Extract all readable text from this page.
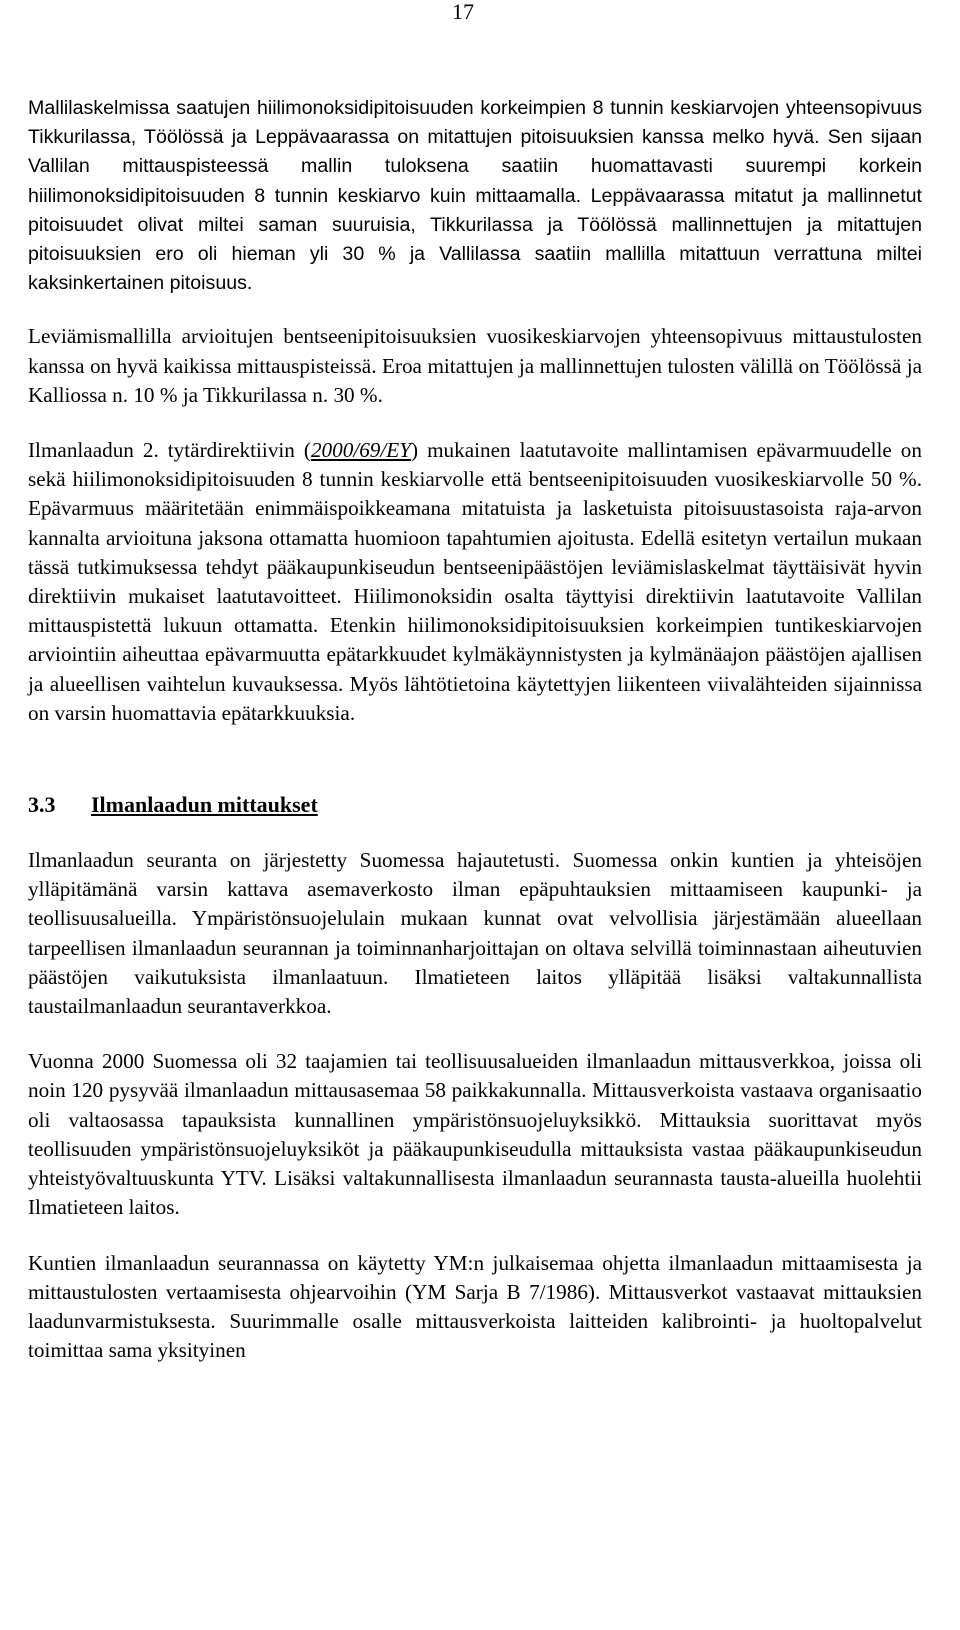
17

Mallilaskelmissa saatujen hiilimonoksidipitoisuuden korkeimpien 8 tunnin keskiarvojen yhteensopivuus Tikkurilassa, Töölössä ja Leppävaarassa on mitattujen pitoisuuksien kanssa melko hyvä. Sen sijaan Vallilan mittauspisteessä mallin tuloksena saatiin huomattavasti suurempi korkein hiilimonoksidipitoisuuden 8 tunnin keskiarvo kuin mittaamalla. Leppävaarassa mitatut ja mallinnetut pitoisuudet olivat miltei saman suuruisia, Tikkurilassa ja Töölössä mallinnettujen ja mitattujen pitoisuuksien ero oli hieman yli 30 % ja Vallilassa saatiin mallilla mitattuun verrattuna miltei kaksinkertainen pitoisuus.

Leviämismallilla arvioitujen bentseenipitoisuuksien vuosikeskiarvojen yhteensopivuus mittaustulosten kanssa on hyvä kaikissa mittauspisteissä. Eroa mitattujen ja mallinnettujen tulosten välillä on Töölössä ja Kalliossa n. 10 % ja Tikkurilassa n. 30 %.

Ilmanlaadun 2. tytärdirektiivin (2000/69/EY) mukainen laatutavoite mallintamisen epävarmuudelle on sekä hiilimonoksidipitoisuuden 8 tunnin keskiarvolle että bentseenipitoisuuden vuosikeskiarvolle 50 %. Epävarmuus määritetään enimmäispoikkeamana mitatuista ja lasketuista pitoisuustasoista raja-arvon kannalta arvioituna jaksona ottamatta huomioon tapahtumien ajoitusta. Edellä esitetyn vertailun mukaan tässä tutkimuksessa tehdyt pääkaupunkiseudun bentseenipäästöjen leviämislaskelmat täyttäisivät hyvin direktiivin mukaiset laatutavoitteet. Hiilimonoksidin osalta täyttyisi direktiivin laatutavoite Vallilan mittauspistettä lukuun ottamatta. Etenkin hiilimonoksidipitoisuuksien korkeimpien tuntikeskiarvojen arviointiin aiheuttaa epävarmuutta epätarkkuudet kylmäkäynnistysten ja kylmänäajon päästöjen ajallisen ja alueellisen vaihtelun kuvauksessa. Myös lähtötietoina käytettyjen liikenteen viivalähteiden sijainnissa on varsin huomattavia epätarkkuuksia.

3.3	Ilmanlaadun mittaukset

Ilmanlaadun seuranta on järjestetty Suomessa hajautetusti. Suomessa onkin kuntien ja yhteisöjen ylläpitämänä varsin kattava asemaverkosto ilman epäpuhtauksien mittaamiseen kaupunki- ja teollisuusalueilla. Ympäristönsuojelulain mukaan kunnat ovat velvollisia järjestämään alueellaan tarpeellisen ilmanlaadun seurannan ja toiminnanharjoittajan on oltava selvillä toiminnastaan aiheutuvien päästöjen vaikutuksista ilmanlaatuun. Ilmatieteen laitos ylläpitää lisäksi valtakunnallista taustailmanlaadun seurantaverkkoa.

Vuonna 2000 Suomessa oli 32 taajamien tai teollisuusalueiden ilmanlaadun mittausverkkoa, joissa oli noin 120 pysyvää ilmanlaadun mittausasemaa 58 paikkakunnalla. Mittausverkoista vastaava organisaatio oli valtaosassa tapauksista kunnallinen ympäristönsuojeluyksikkö. Mittauksia suorittavat myös teollisuuden ympäristönsuojeluyksiköt ja pääkaupunkiseudulla mittauksista vastaa pääkaupunkiseudun yhteistyövaltuuskunta YTV. Lisäksi valtakunnallisesta ilmanlaadun seurannasta tausta-alueilla huolehtii Ilmatieteen laitos.

Kuntien ilmanlaadun seurannassa on käytetty YM:n julkaisemaa ohjetta ilmanlaadun mittaamisesta ja mittaustulosten vertaamisesta ohjearvoihin (YM Sarja B 7/1986). Mittausverkot vastaavat mittauksien laadunvarmistuksesta. Suurimmalle osalle mittausverkoista laitteiden kalibrointi- ja huoltopalvelut toimittaa sama yksityinen
